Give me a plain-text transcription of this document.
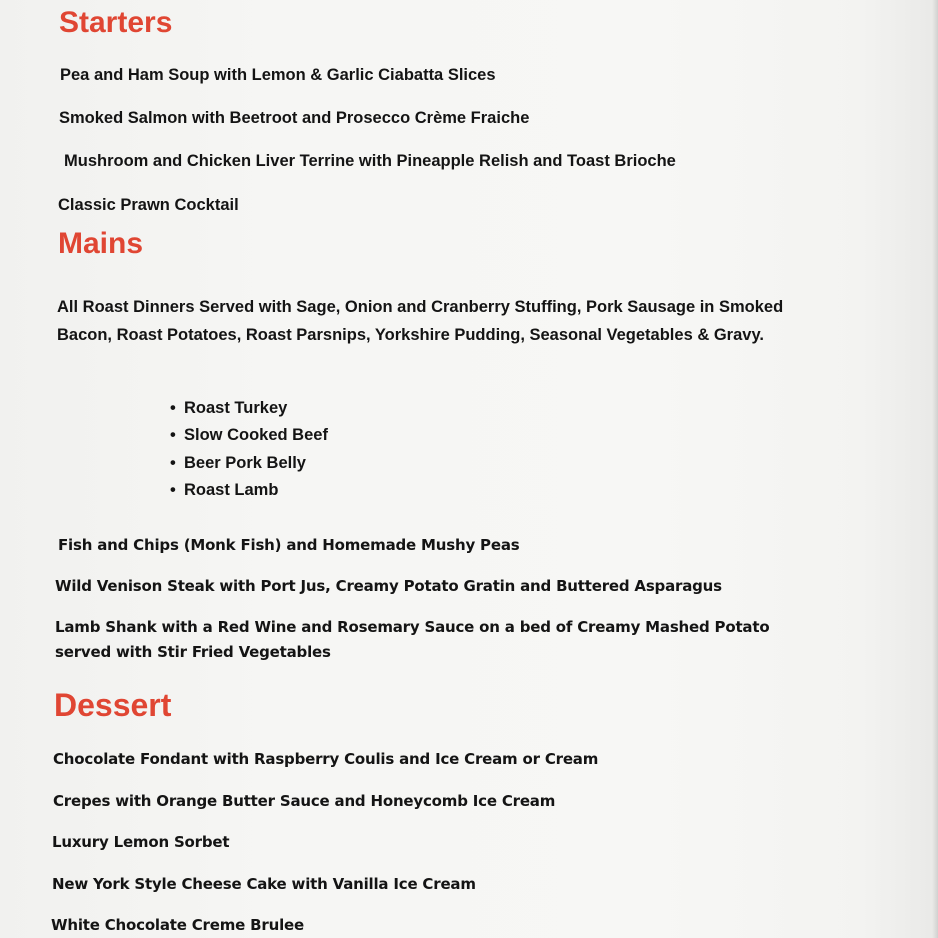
Starters

Pea and Ham Soup with Lemon & Garlic Ciabatta Slices

Smoked Salmon with Beetroot and Prosecco Crème Fraiche

Mushroom and Chicken Liver Terrine with Pineapple Relish and Toast Brioche

Classic Prawn Cocktail

Mains

All Roast Dinners Served with Sage, Onion and Cranberry Stuffing, Pork Sausage in Smoked Bacon, Roast Potatoes, Roast Parsnips, Yorkshire Pudding, Seasonal Vegetables & Gravy.

• Roast Turkey
• Slow Cooked Beef
• Beer Pork Belly
• Roast Lamb

Fish and Chips (Monk Fish) and Homemade Mushy Peas

Wild Venison Steak with Port Jus, Creamy Potato Gratin and Buttered Asparagus

Lamb Shank with a Red Wine and Rosemary Sauce on a bed of Creamy Mashed Potato served with Stir Fried Vegetables

Dessert

Chocolate Fondant with Raspberry Coulis and Ice Cream or Cream

Crepes with Orange Butter Sauce and Honeycomb Ice Cream

Luxury Lemon Sorbet

New York Style Cheese Cake with Vanilla Ice Cream

White Chocolate Creme Brulee
